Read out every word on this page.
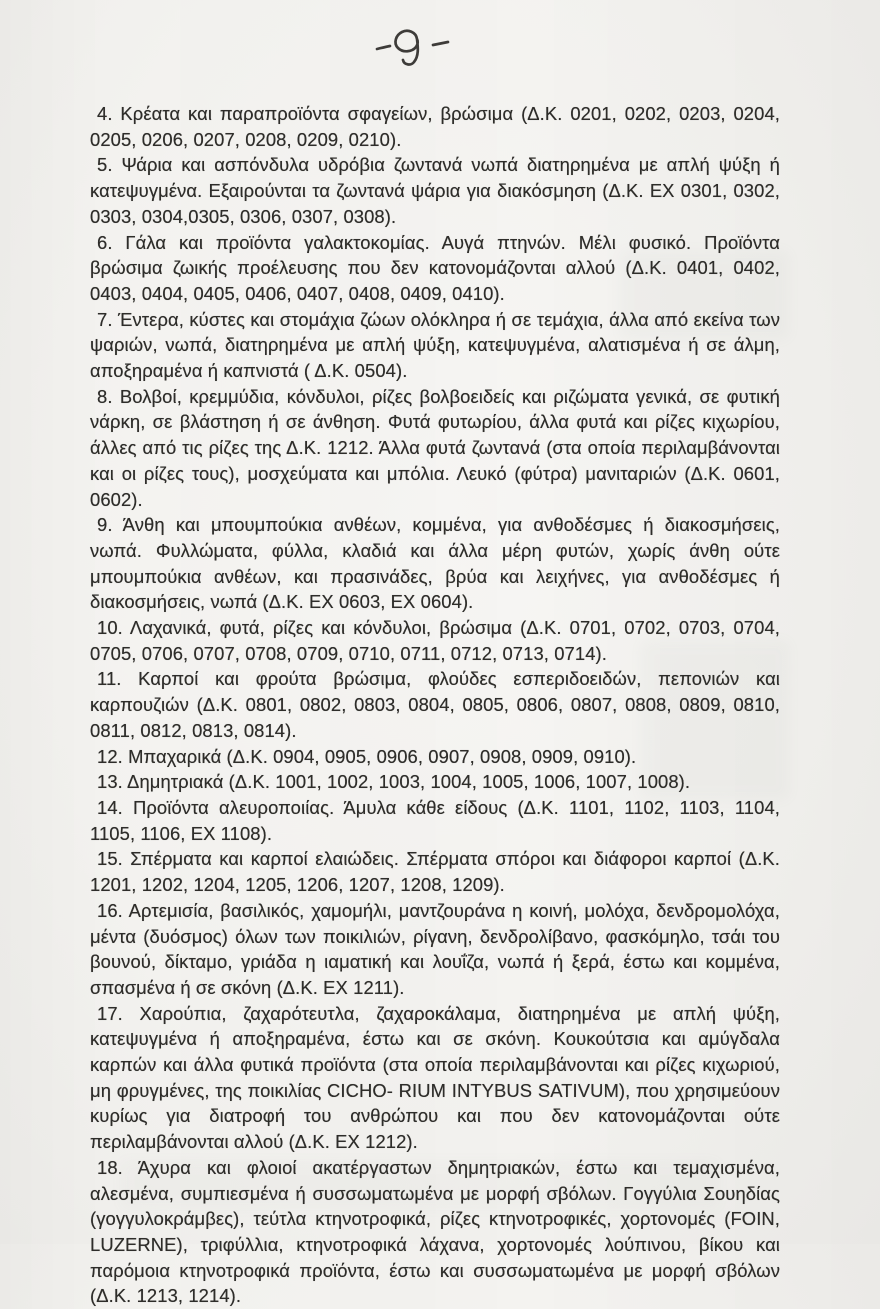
4. Κρέατα και παραπροϊόντα σφαγείων, βρώσιμα (Δ.Κ. 0201, 0202, 0203, 0204, 0205, 0206, 0207, 0208, 0209, 0210).

5. Ψάρια και ασπόνδυλα υδρόβια ζωντανά νωπά διατηρημένα με απλή ψύξη ή κατεψυγμένα. Εξαιρούνται τα ζωντανά ψάρια για διακόσμηση (Δ.Κ. ΕΧ 0301, 0302, 0303, 0304,0305, 0306, 0307, 0308).

6. Γάλα και προϊόντα γαλακτοκομίας. Αυγά πτηνών. Μέλι φυσικό. Προϊόντα βρώσιμα ζωικής προέλευσης που δεν κατονομάζονται αλλού (Δ.Κ. 0401, 0402, 0403, 0404, 0405, 0406, 0407, 0408, 0409, 0410).

7. Έντερα, κύστες και στομάχια ζώων ολόκληρα ή σε τεμάχια, άλλα από εκείνα των ψαριών, νωπά, διατηρημένα με απλή ψύξη, κατεψυγμένα, αλατισμένα ή σε άλμη, αποξηραμένα ή καπνιστά ( Δ.Κ. 0504).

8. Βολβοί, κρεμμύδια, κόνδυλοι, ρίζες βολβοειδείς και ριζώματα γενικά, σε φυτική νάρκη, σε βλάστηση ή σε άνθηση. Φυτά φυτωρίου, άλλα φυτά και ρίζες κιχωρίου, άλλες από τις ρίζες της Δ.Κ. 1212. Άλλα φυτά ζωντανά (στα οποία περιλαμβάνονται και οι ρίζες τους), μοσχεύματα και μπόλια. Λευκό (φύτρα) μανιταριών (Δ.Κ. 0601, 0602).

9. Άνθη και μπουμπούκια ανθέων, κομμένα, για ανθοδέσμες ή διακοσμήσεις, νωπά. Φυλλώματα, φύλλα, κλαδιά και άλλα μέρη φυτών, χωρίς άνθη ούτε μπουμπούκια ανθέων, και πρασινάδες, βρύα και λειχήνες, για ανθοδέσμες ή διακοσμήσεις, νωπά (Δ.Κ. ΕΧ 0603, ΕΧ 0604).

10. Λαχανικά, φυτά, ρίζες και κόνδυλοι, βρώσιμα (Δ.Κ. 0701, 0702, 0703, 0704, 0705, 0706, 0707, 0708, 0709, 0710, 0711, 0712, 0713, 0714).

11. Καρποί και φρούτα βρώσιμα, φλούδες εσπεριδοειδών, πεπονιών και καρπουζιών (Δ.Κ. 0801, 0802, 0803, 0804, 0805, 0806, 0807, 0808, 0809, 0810, 0811, 0812, 0813, 0814).

12. Μπαχαρικά (Δ.Κ. 0904, 0905, 0906, 0907, 0908, 0909, 0910).

13. Δημητριακά (Δ.Κ. 1001, 1002, 1003, 1004, 1005, 1006, 1007, 1008).

14. Προϊόντα αλευροποιίας. Άμυλα κάθε είδους (Δ.Κ. 1101, 1102, 1103, 1104, 1105, 1106, ΕΧ 1108).

15. Σπέρματα και καρποί ελαιώδεις. Σπέρματα σπόροι και διάφοροι καρποί (Δ.Κ. 1201, 1202, 1204, 1205, 1206, 1207, 1208, 1209).

16. Αρτεμισία, βασιλικός, χαμομήλι, μαντζουράνα η κοινή, μολόχα, δενδρομολόχα, μέντα (δυόσμος) όλων των ποικιλιών, ρίγανη, δενδρολίβανο, φασκόμηλο, τσάι του βουνού, δίκταμο, γριάδα η ιαματική και λουΐζα, νωπά ή ξερά, έστω και κομμένα, σπασμένα ή σε σκόνη (Δ.Κ. ΕΧ 1211).

17. Χαρούπια, ζαχαρότευτλα, ζαχαροκάλαμα, διατηρημένα με απλή ψύξη, κατεψυγμένα ή αποξηραμένα, έστω και σε σκόνη. Κουκούτσια και αμύγδαλα καρπών και άλλα φυτικά προϊόντα (στα οποία περιλαμβάνονται και ρίζες κιχωριού, μη φρυγμένες, της ποικιλίας CICHO- RIUM INTYBUS SATIVUM), που χρησιμεύουν κυρίως για διατροφή του ανθρώπου και που δεν κατονομάζονται ούτε περιλαμβάνονται αλλού (Δ.Κ. ΕΧ 1212).

18. Άχυρα και φλοιοί ακατέργαστων δημητριακών, έστω και τεμαχισμένα, αλεσμένα, συμπιεσμένα ή συσσωματωμένα με μορφή σβόλων. Γογγύλια Σουηδίας (γογγυλοκράμβες), τεύτλα κτηνοτροφικά, ρίζες κτηνοτροφικές, χορτονομές (FOIN, LUZERNE), τριφύλλια, κτηνοτροφικά λάχανα, χορτονομές λούπινου, βίκου και παρόμοια κτηνοτροφικά προϊόντα, έστω και συσσωματωμένα με μορφή σβόλων (Δ.Κ. 1213, 1214).
